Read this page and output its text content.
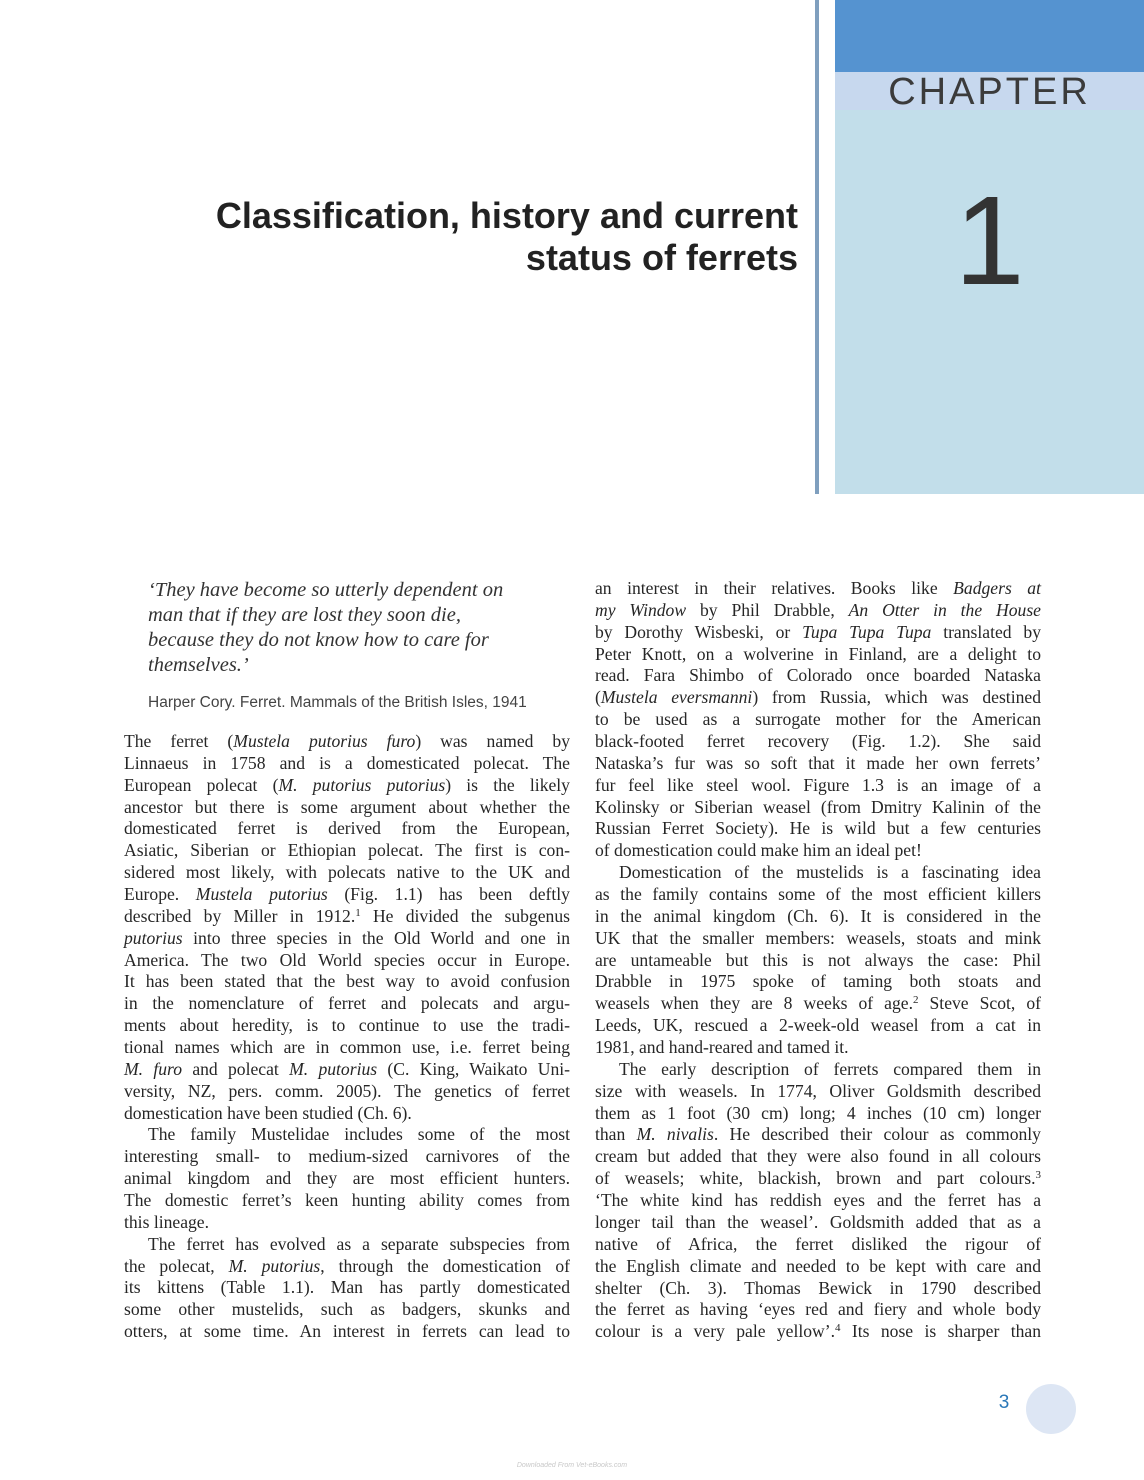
CHAPTER
1
Classification, history and current
status of ferrets
‘They have become so utterly dependent on
man that if they are lost they soon die,
because they do not know how to care for
themselves.’
Harper Cory. Ferret. Mammals of the British Isles, 1941
The ferret (Mustela putorius furo) was named by
Linnaeus in 1758 and is a domesticated polecat. The
European polecat (M. putorius putorius) is the likely
ancestor but there is some argument about whether the
domesticated ferret is derived from the European,
Asiatic, Siberian or Ethiopian polecat. The first is con-
sidered most likely, with polecats native to the UK and
Europe. Mustela putorius (Fig. 1.1) has been deftly
described by Miller in 1912.$^1$ He divided the subgenus
putorius into three species in the Old World and one in
America. The two Old World species occur in Europe.
It has been stated that the best way to avoid confusion
in the nomenclature of ferret and polecats and argu-
ments about heredity, is to continue to use the tradi-
tional names which are in common use, i.e. ferret being
M. furo and polecat M. putorius (C. King, Waikato Uni-
versity, NZ, pers. comm. 2005). The genetics of ferret
domestication have been studied (Ch. 6).
The family Mustelidae includes some of the most
interesting small- to medium-sized carnivores of the
animal kingdom and they are most efficient hunters.
The domestic ferret’s keen hunting ability comes from
this lineage.
The ferret has evolved as a separate subspecies from
the polecat, M. putorius, through the domestication of
its kittens (Table 1.1). Man has partly domesticated
some other mustelids, such as badgers, skunks and
otters, at some time. An interest in ferrets can lead to
an interest in their relatives. Books like Badgers at
my Window by Phil Drabble, An Otter in the House
by Dorothy Wisbeski, or Tupa Tupa Tupa translated by
Peter Knott, on a wolverine in Finland, are a delight to
read. Fara Shimbo of Colorado once boarded Nataska
(Mustela eversmanni) from Russia, which was destined
to be used as a surrogate mother for the American
black-footed ferret recovery (Fig. 1.2). She said
Nataska’s fur was so soft that it made her own ferrets’
fur feel like steel wool. Figure 1.3 is an image of a
Kolinsky or Siberian weasel (from Dmitry Kalinin of the
Russian Ferret Society). He is wild but a few centuries
of domestication could make him an ideal pet!
Domestication of the mustelids is a fascinating idea
as the family contains some of the most efficient killers
in the animal kingdom (Ch. 6). It is considered in the
UK that the smaller members: weasels, stoats and mink
are untameable but this is not always the case: Phil
Drabble in 1975 spoke of taming both stoats and
weasels when they are 8 weeks of age.$^2$ Steve Scot, of
Leeds, UK, rescued a 2-week-old weasel from a cat in
1981, and hand-reared and tamed it.
The early description of ferrets compared them in
size with weasels. In 1774, Oliver Goldsmith described
them as 1 foot (30 cm) long; 4 inches (10 cm) longer
than M. nivalis. He described their colour as commonly
cream but added that they were also found in all colours
of weasels; white, blackish, brown and part colours.$^3$
‘The white kind has reddish eyes and the ferret has a
longer tail than the weasel’. Goldsmith added that as a
native of Africa, the ferret disliked the rigour of
the English climate and needed to be kept with care and
shelter (Ch. 3). Thomas Bewick in 1790 described
the ferret as having ‘eyes red and fiery and whole body
colour is a very pale yellow’.$^4$ Its nose is sharper than
3
Downloaded From Vet-eBooks.com
